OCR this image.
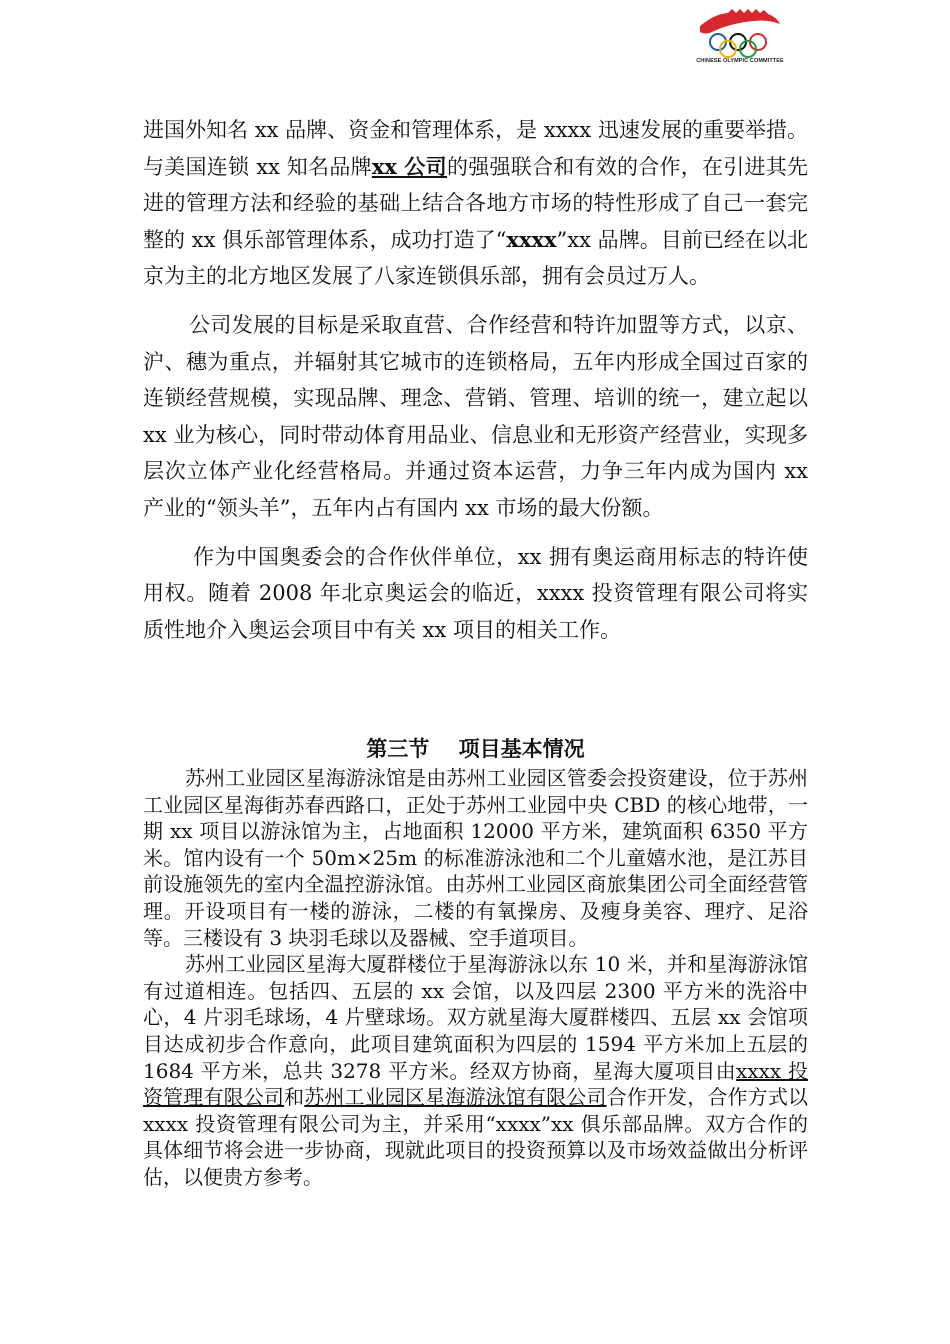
CHINESE OLYMPIC COMMITTEE

进国外知名 xx 品牌、资金和管理体系，是 xxxx 迅速发展的重要举措。与美国连锁 xx 知名品牌xx 公司的强强联合和有效的合作，在引进其先进的管理方法和经验的基础上结合各地方市场的特性形成了自己一套完整的 xx 俱乐部管理体系，成功打造了“xxxx”xx 品牌。目前已经在以北京为主的北方地区发展了八家连锁俱乐部，拥有会员过万人。

公司发展的目标是采取直营、合作经营和特许加盟等方式，以京、沪、穗为重点，并辐射其它城市的连锁格局，五年内形成全国过百家的连锁经营规模，实现品牌、理念、营销、管理、培训的统一，建立起以 xx 业为核心，同时带动体育用品业、信息业和无形资产经营业，实现多层次立体产业化经营格局。并通过资本运营，力争三年内成为国内 xx 产业的“领头羊”，五年内占有国内 xx 市场的最大份额。

作为中国奥委会的合作伙伴单位，xx 拥有奥运商用标志的特许使用权。随着 2008 年北京奥运会的临近，xxxx 投资管理有限公司将实质性地介入奥运会项目中有关 xx 项目的相关工作。

第三节    项目基本情况

苏州工业园区星海游泳馆是由苏州工业园区管委会投资建设，位于苏州工业园区星海街苏春西路口，正处于苏州工业园中央 CBD 的核心地带，一期 xx 项目以游泳馆为主，占地面积 12000 平方米，建筑面积 6350 平方米。馆内设有一个 50m×25m 的标准游泳池和二个儿童嬉水池，是江苏目前设施领先的室内全温控游泳馆。由苏州工业园区商旅集团公司全面经营管理。开设项目有一楼的游泳，二楼的有氧操房、及瘦身美容、理疗、足浴等。三楼设有 3 块羽毛球以及器械、空手道项目。

苏州工业园区星海大厦群楼位于星海游泳以东 10 米，并和星海游泳馆有过道相连。包括四、五层的 xx 会馆，以及四层 2300 平方米的洗浴中心，4 片羽毛球场，4 片壁球场。双方就星海大厦群楼四、五层 xx 会馆项目达成初步合作意向，此项目建筑面积为四层的 1594 平方米加上五层的 1684 平方米，总共 3278 平方米。经双方协商，星海大厦项目由xxxx 投资管理有限公司和苏州工业园区星海游泳馆有限公司合作开发，合作方式以 xxxx 投资管理有限公司为主，并采用“xxxx”xx 俱乐部品牌。双方合作的具体细节将会进一步协商，现就此项目的投资预算以及市场效益做出分析评估，以便贵方参考。
